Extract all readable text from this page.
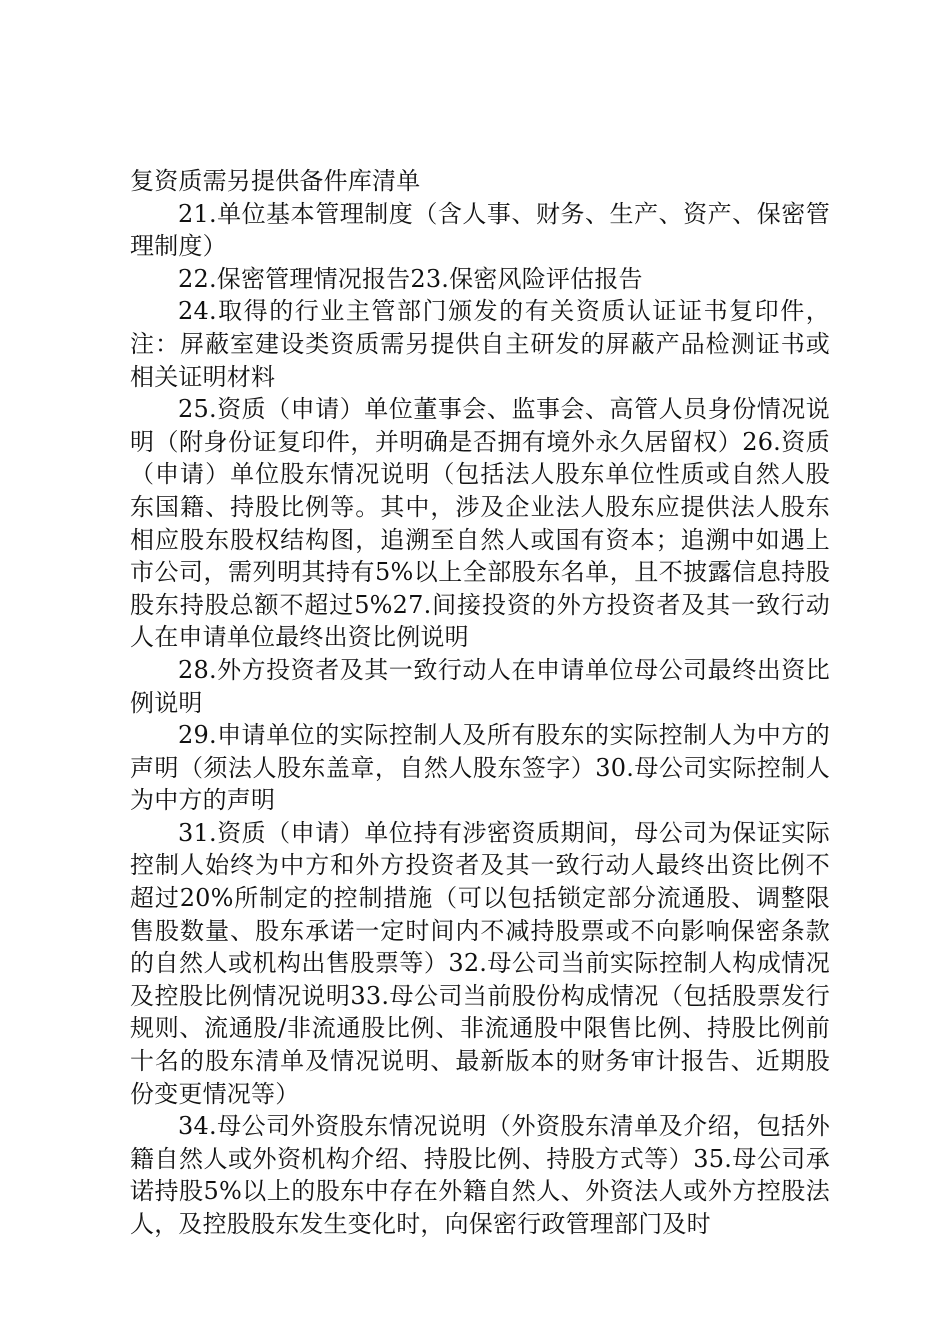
复资质需另提供备件库清单

21.单位基本管理制度（含人事、财务、生产、资产、保密管理制度）

22.保密管理情况报告23.保密风险评估报告

24.取得的行业主管部门颁发的有关资质认证证书复印件，注：屏蔽室建设类资质需另提供自主研发的屏蔽产品检测证书或相关证明材料

25.资质（申请）单位董事会、监事会、高管人员身份情况说明（附身份证复印件，并明确是否拥有境外永久居留权）26.资质（申请）单位股东情况说明（包括法人股东单位性质或自然人股东国籍、持股比例等。其中，涉及企业法人股东应提供法人股东相应股东股权结构图，追溯至自然人或国有资本；追溯中如遇上市公司，需列明其持有5%以上全部股东名单，且不披露信息持股股东持股总额不超过5%27.间接投资的外方投资者及其一致行动人在申请单位最终出资比例说明

28.外方投资者及其一致行动人在申请单位母公司最终出资比例说明

29.申请单位的实际控制人及所有股东的实际控制人为中方的声明（须法人股东盖章，自然人股东签字）30.母公司实际控制人为中方的声明

31.资质（申请）单位持有涉密资质期间，母公司为保证实际控制人始终为中方和外方投资者及其一致行动人最终出资比例不超过20%所制定的控制措施（可以包括锁定部分流通股、调整限售股数量、股东承诺一定时间内不减持股票或不向影响保密条款的自然人或机构出售股票等）32.母公司当前实际控制人构成情况及控股比例情况说明33.母公司当前股份构成情况（包括股票发行规则、流通股/非流通股比例、非流通股中限售比例、持股比例前十名的股东清单及情况说明、最新版本的财务审计报告、近期股份变更情况等）

34.母公司外资股东情况说明（外资股东清单及介绍，包括外籍自然人或外资机构介绍、持股比例、持股方式等）35.母公司承诺持股5%以上的股东中存在外籍自然人、外资法人或外方控股法人，及控股股东发生变化时，向保密行政管理部门及时
